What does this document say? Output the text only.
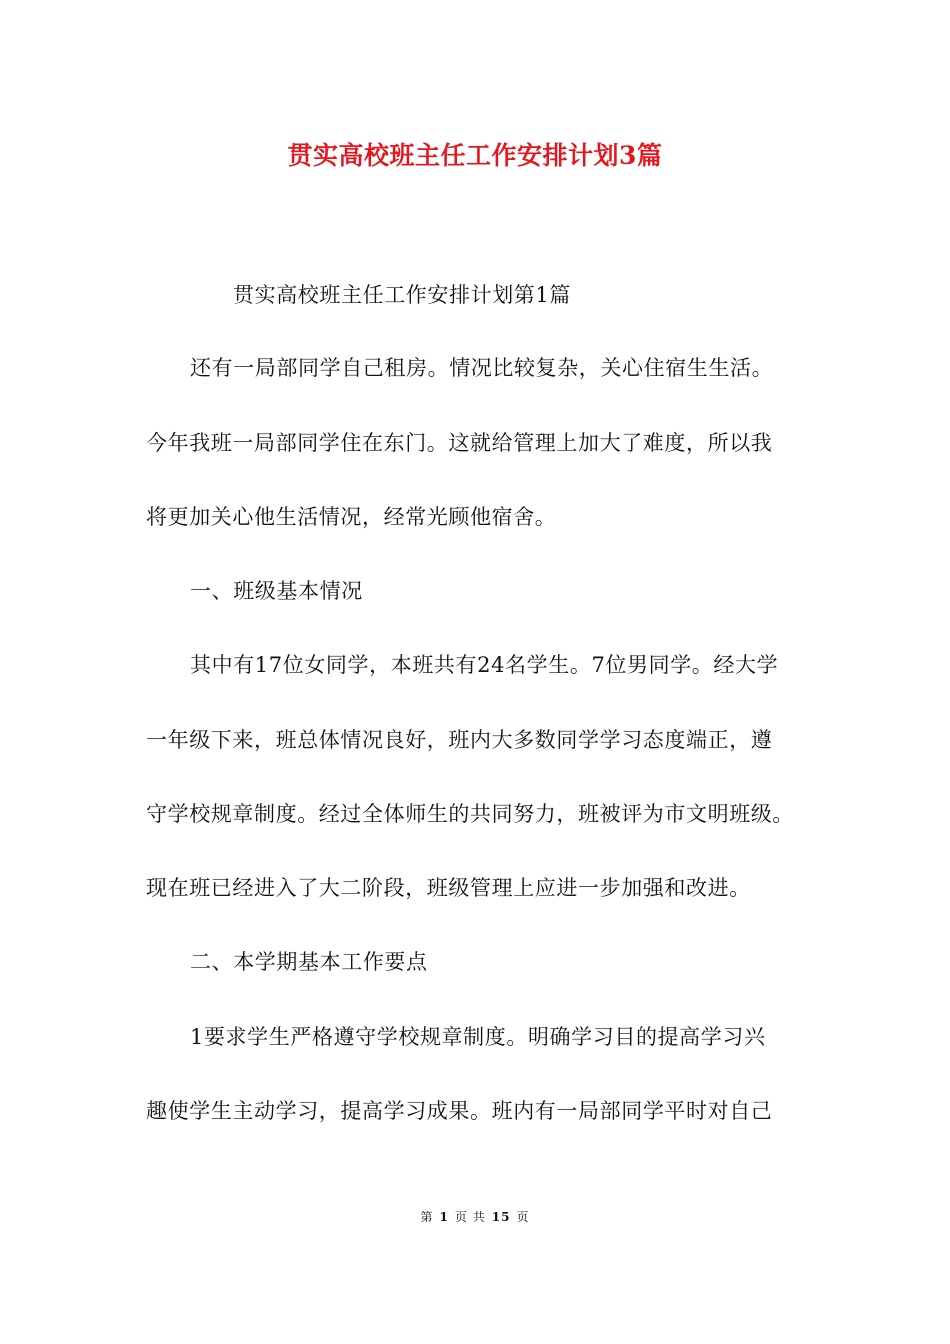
贯实高校班主任工作安排计划3篇
贯实高校班主任工作安排计划第1篇
还有一局部同学自己租房。情况比较复杂，关心住宿生生活。
今年我班一局部同学住在东门。这就给管理上加大了难度，所以我
将更加关心他生活情况，经常光顾他宿舍。
一、班级基本情况
其中有17位女同学，本班共有24名学生。7位男同学。经大学
一年级下来，班总体情况良好，班内大多数同学学习态度端正，遵
守学校规章制度。经过全体师生的共同努力，班被评为市文明班级。
现在班已经进入了大二阶段，班级管理上应进一步加强和改进。
二、本学期基本工作要点
1要求学生严格遵守学校规章制度。明确学习目的提高学习兴
趣使学生主动学习，提高学习成果。班内有一局部同学平时对自己
第 1 页 共 15 页
